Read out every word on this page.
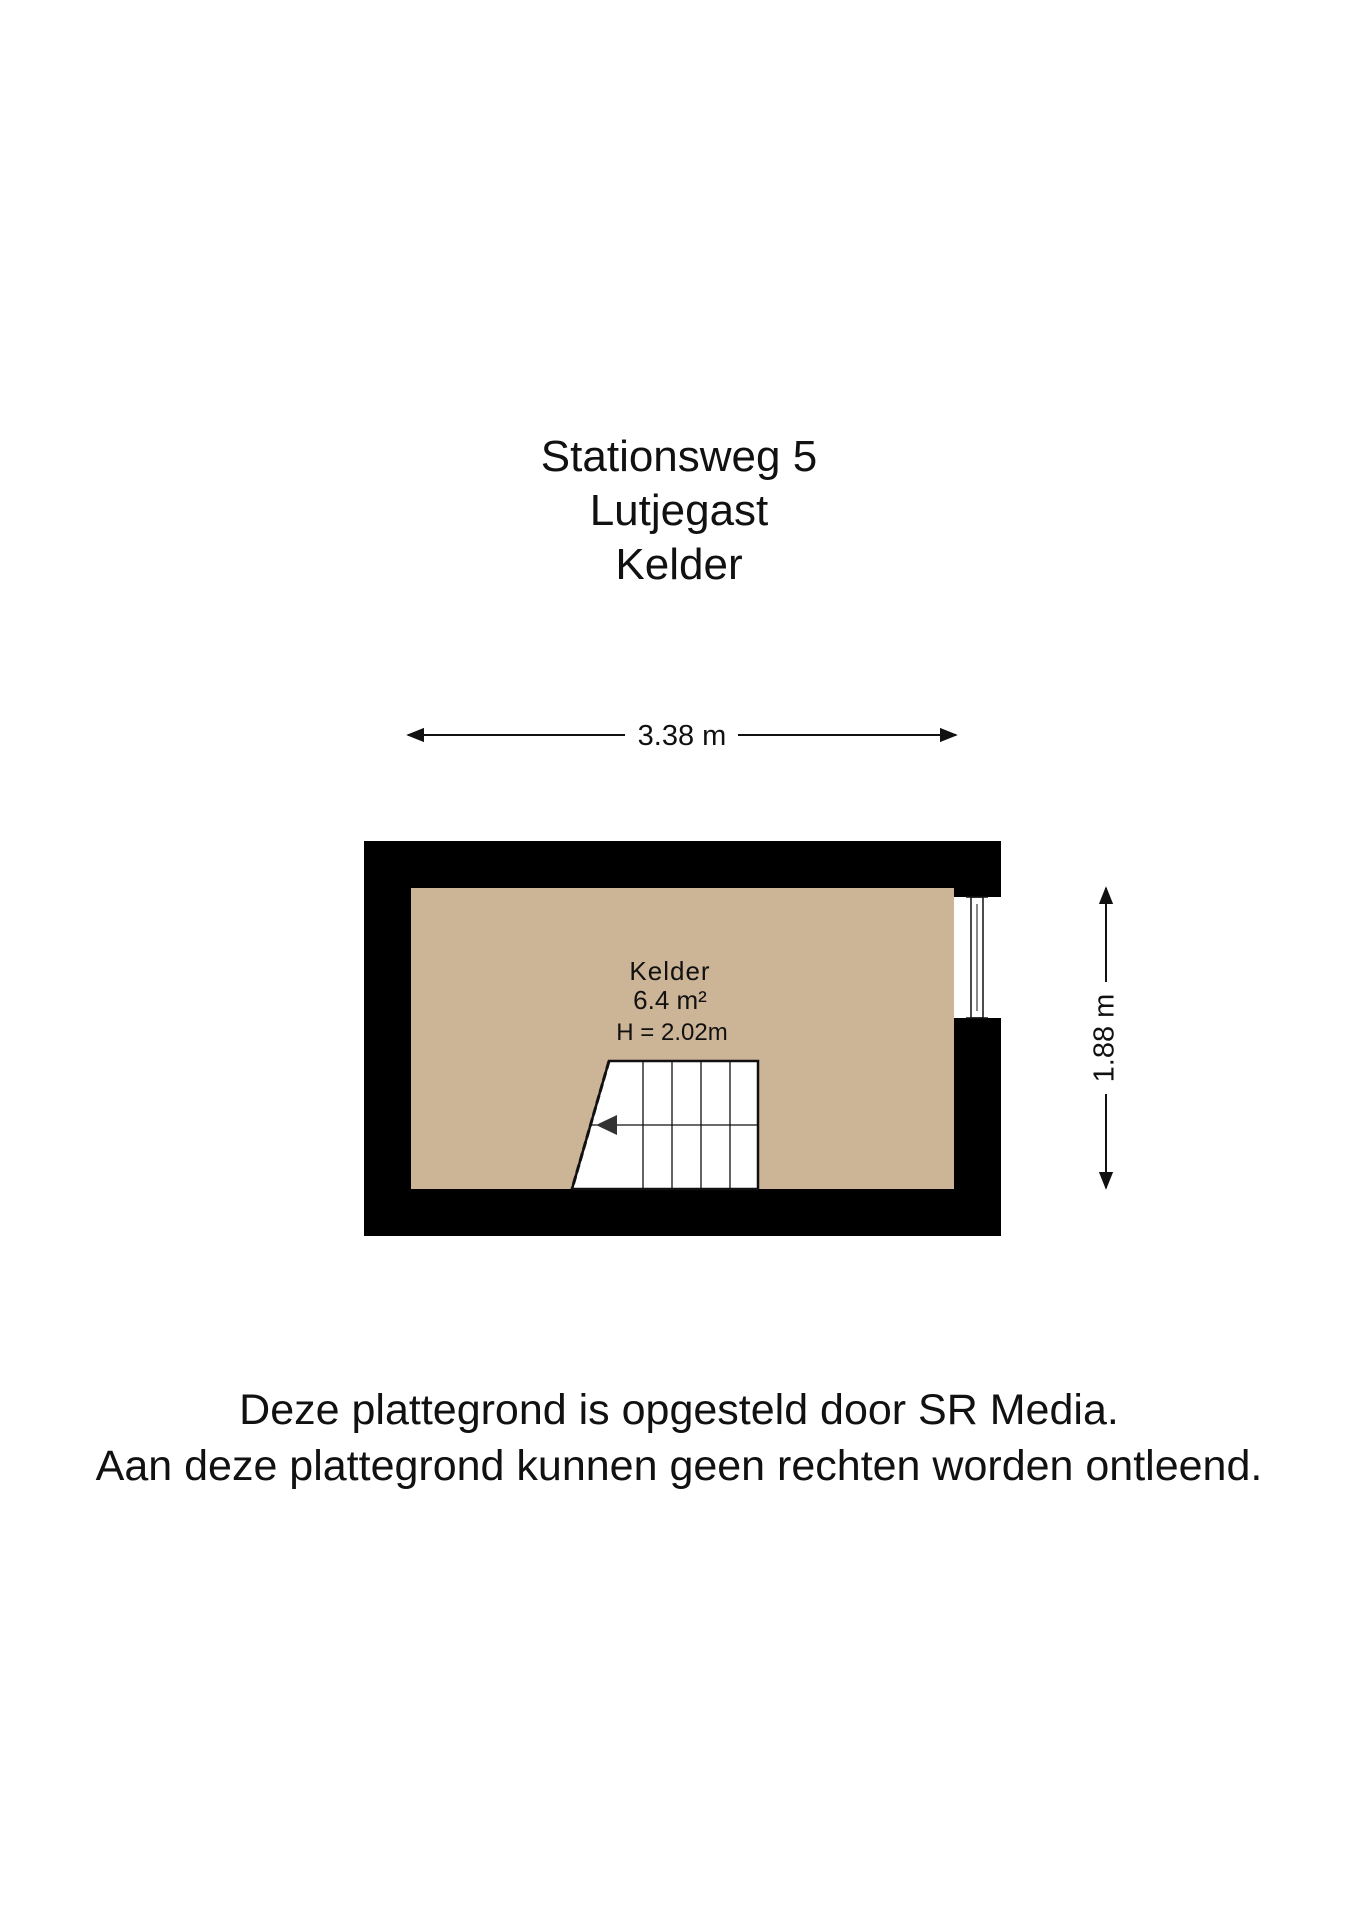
Stationsweg 5
Lutjegast
Kelder
3.38 m
1.88 m
Kelder
6.4 m²
H = 2.02m
Deze plattegrond is opgesteld door SR Media.
Aan deze plattegrond kunnen geen rechten worden ontleend.
